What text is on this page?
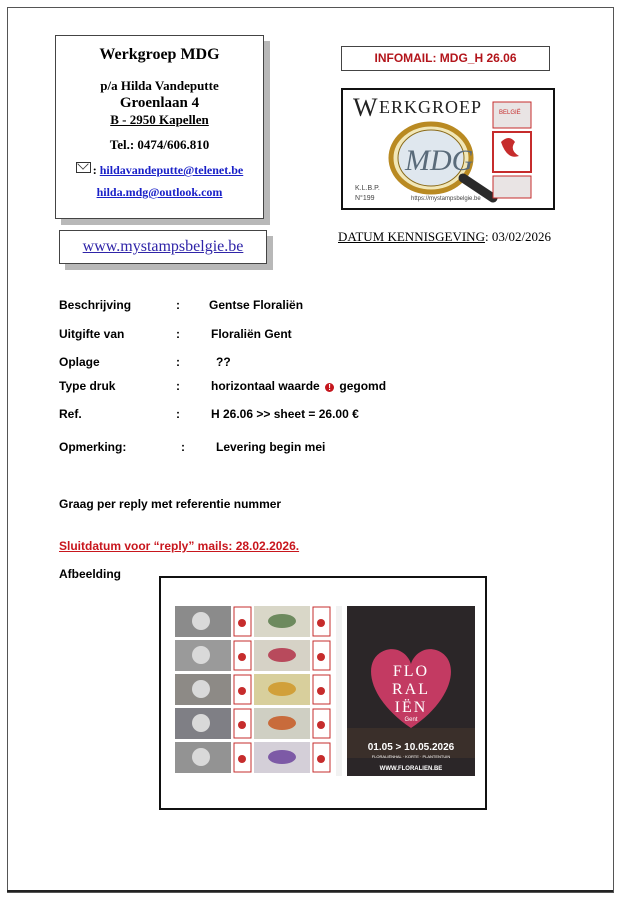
Werkgroep MDG
p/a Hilda Vandeputte
Groenlaan 4
B - 2950 Kapellen
Tel.: 0474/606.810
: hildavandeputte@telenet.be
hilda.mdg@outlook.com
www.mystampsbelgie.be
INFOMAIL: MDG_H 26.06
W ERKGROEP
MDG
BELGIË
K.L.B.P.
N°199	https://mystampsbelgie.be
DATUM KENNISGEVING: 03/02/2026
Beschrijving	: Gentse Floraliën
Uitgifte van	:	Floraliën Gent
Oplage	:	??
Type druk	:	horizontaal waarde ! gegomd
Ref.	:	H 26.06 >> sheet = 26.00 €
Opmerking:	:	Levering begin mei
Graag per reply met referentie nummer
Sluitdatum voor “reply” mails: 28.02.2026.
Afbeelding
FLO
RAL
IËN
Gent
01.05 > 10.05.2026
FLORALIËNHAL · KORTE · PLANTENTUIN
WWW.FLORALIEN.BE
